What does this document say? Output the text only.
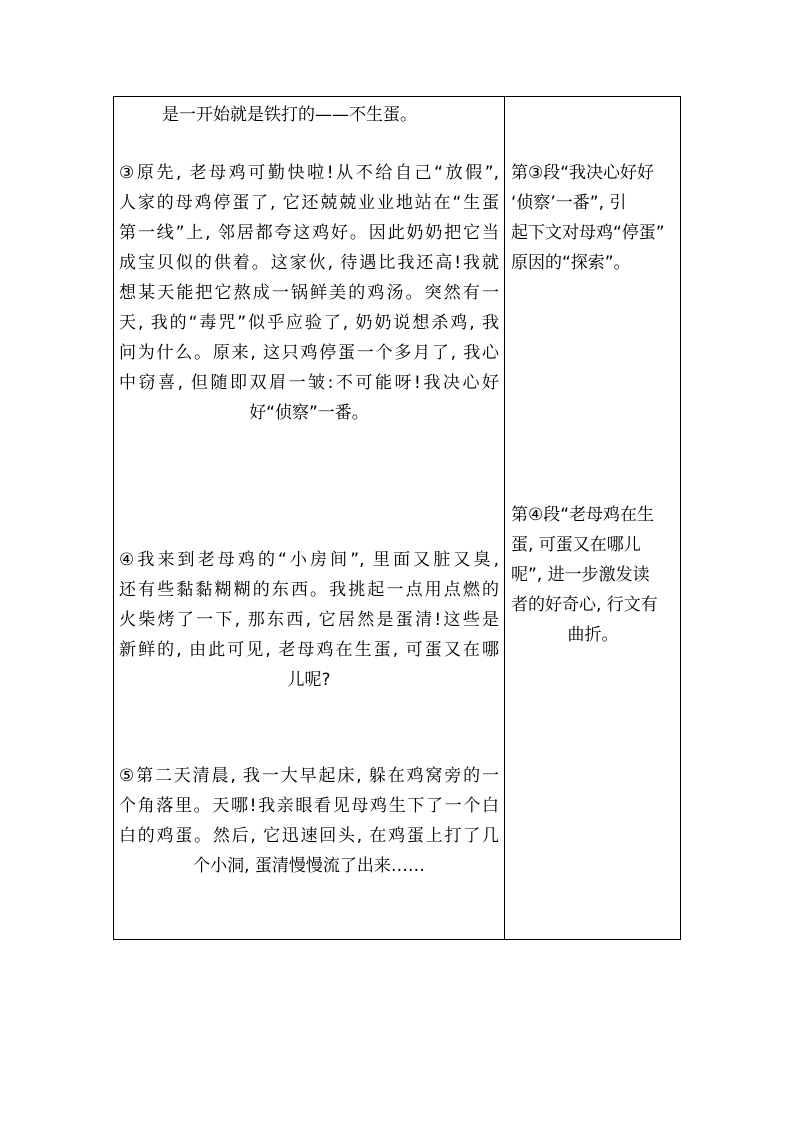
是一开始就是铁打的——不生蛋。
③原先, 老母鸡可勤快啦!从不给自己“放假”,
人家的母鸡停蛋了, 它还兢兢业业地站在“生蛋
第一线”上, 邻居都夸这鸡好。因此奶奶把它当
成宝贝似的供着。这家伙, 待遇比我还高!我就
想某天能把它熬成一锅鲜美的鸡汤。突然有一
天, 我的“毒咒”似乎应验了, 奶奶说想杀鸡, 我
问为什么。原来, 这只鸡停蛋一个多月了, 我心
中窃喜, 但随即双眉一皱:不可能呀!我决心好
好“侦察”一番。
④我来到老母鸡的“小房间”, 里面又脏又臭,
还有些黏黏糊糊的东西。我挑起一点用点燃的
火柴烤了一下, 那东西, 它居然是蛋清!这些是
新鲜的, 由此可见, 老母鸡在生蛋, 可蛋又在哪
儿呢?
⑤第二天清晨, 我一大早起床, 躲在鸡窝旁的一
个角落里。天哪!我亲眼看见母鸡生下了一个白
白的鸡蛋。然后, 它迅速回头, 在鸡蛋上打了几
个小洞, 蛋清慢慢流了出来……
第③段“我决心好好
‘侦察’一番”, 引
起下文对母鸡“停蛋”
原因的“探索”。
第④段“老母鸡在生
蛋, 可蛋又在哪儿
呢”, 进一步激发读
者的好奇心, 行文有
曲折。
